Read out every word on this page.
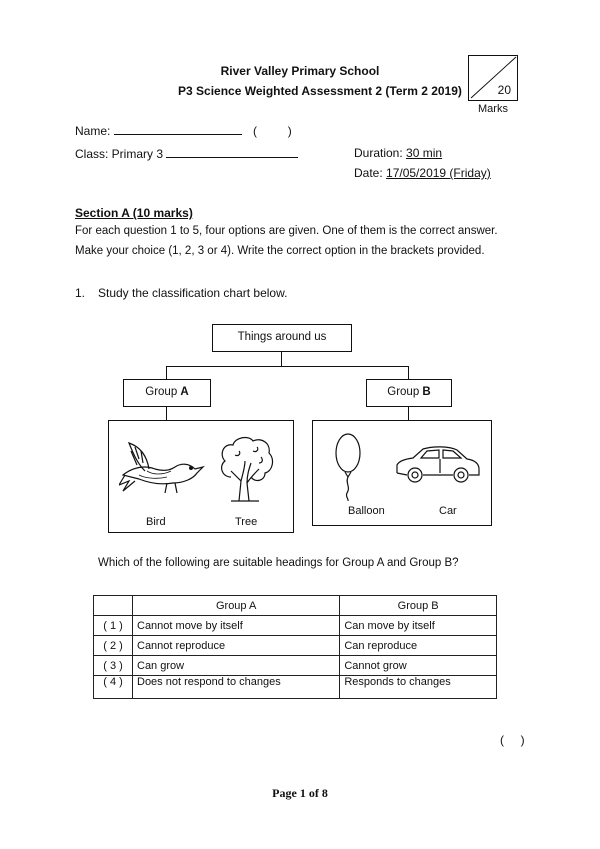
River Valley Primary School
P3 Science Weighted Assessment 2 (Term 2 2019)	20
Marks
Name:	(	)
Class: Primary 3	Duration: 30 min
Date: 17/05/2019 (Friday)
Section A (10 marks)
For each question 1 to 5, four options are given. One of them is the correct answer.
Make your choice (1, 2, 3 or 4). Write the correct option in the brackets provided.
1. Study the classification chart below.
Things around us
Group A	Group B
Bird	Tree
Balloon	Car
Which of the following are suitable headings for Group A and Group B?
	Group A	Group B
( 1 )	Cannot move by itself	Can move by itself
( 2 )	Cannot reproduce	Can reproduce
( 3 )	Can grow	Cannot grow
( 4 )	Does not respond to changes	Responds to changes
(     )
Page 1 of 8
